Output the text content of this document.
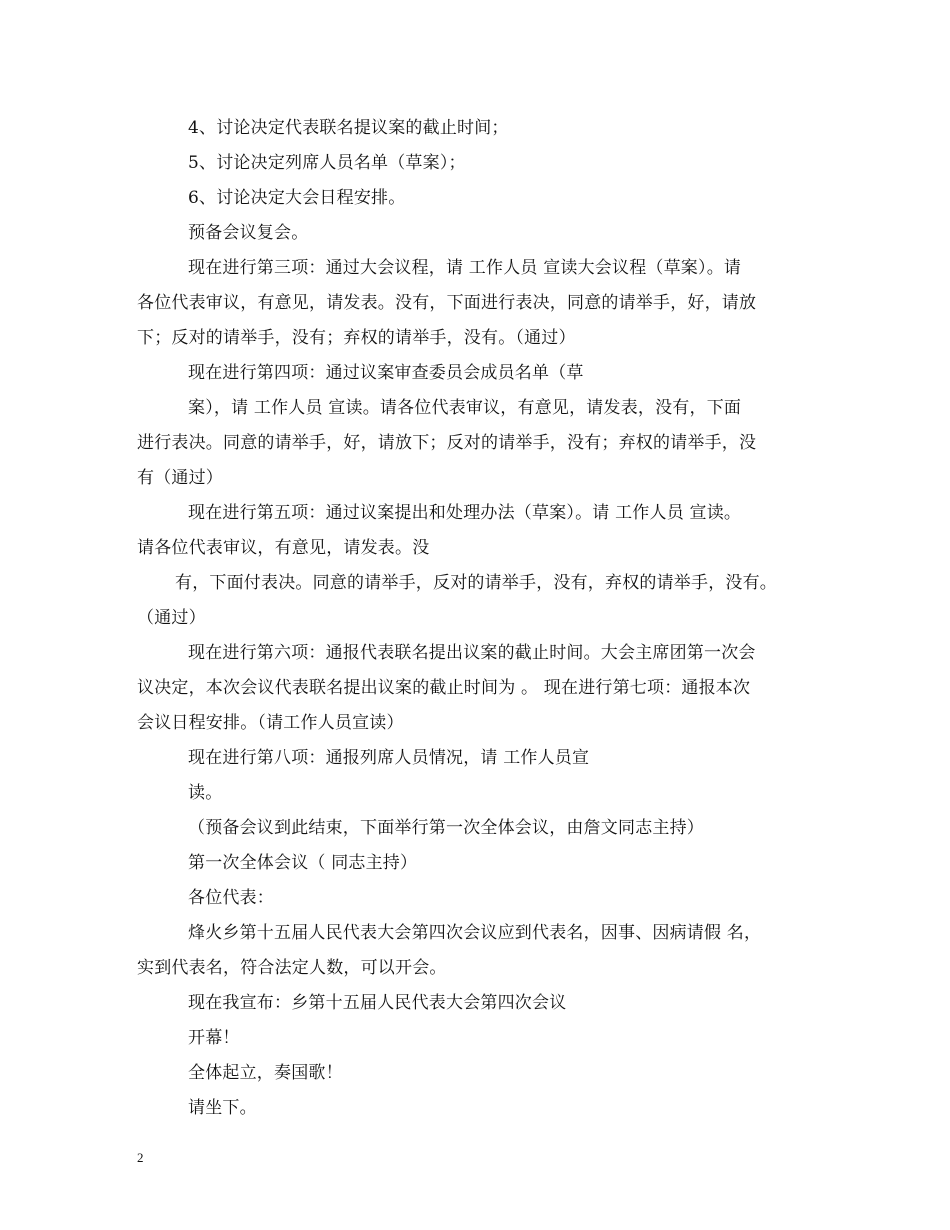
4、讨论决定代表联名提议案的截止时间；
5、讨论决定列席人员名单（草案）；
6、讨论决定大会日程安排。
预备会议复会。
现在进行第三项：通过大会议程，请 工作人员 宣读大会议程（草案）。请
各位代表审议，有意见，请发表。没有，下面进行表决，同意的请举手，好，请放
下；反对的请举手，没有；弃权的请举手，没有。（通过）
现在进行第四项：通过议案审查委员会成员名单（草
案），请 工作人员 宣读。请各位代表审议，有意见，请发表，没有，下面
进行表决。同意的请举手，好，请放下；反对的请举手，没有；弃权的请举手，没
有（通过）
现在进行第五项：通过议案提出和处理办法（草案）。请 工作人员 宣读。
请各位代表审议，有意见，请发表。没
有，下面付表决。同意的请举手，反对的请举手，没有，弃权的请举手，没有。
（通过）
现在进行第六项：通报代表联名提出议案的截止时间。大会主席团第一次会
议决定，本次会议代表联名提出议案的截止时间为 。 现在进行第七项：通报本次
会议日程安排。（请工作人员宣读）
现在进行第八项：通报列席人员情况，请 工作人员宣
读。
（预备会议到此结束，下面举行第一次全体会议，由詹文同志主持）
第一次全体会议（ 同志主持）
各位代表：
烽火乡第十五届人民代表大会第四次会议应到代表名，因事、因病请假 名，
实到代表名，符合法定人数，可以开会。
现在我宣布：乡第十五届人民代表大会第四次会议
开幕！
全体起立，奏国歌！
请坐下。
2
